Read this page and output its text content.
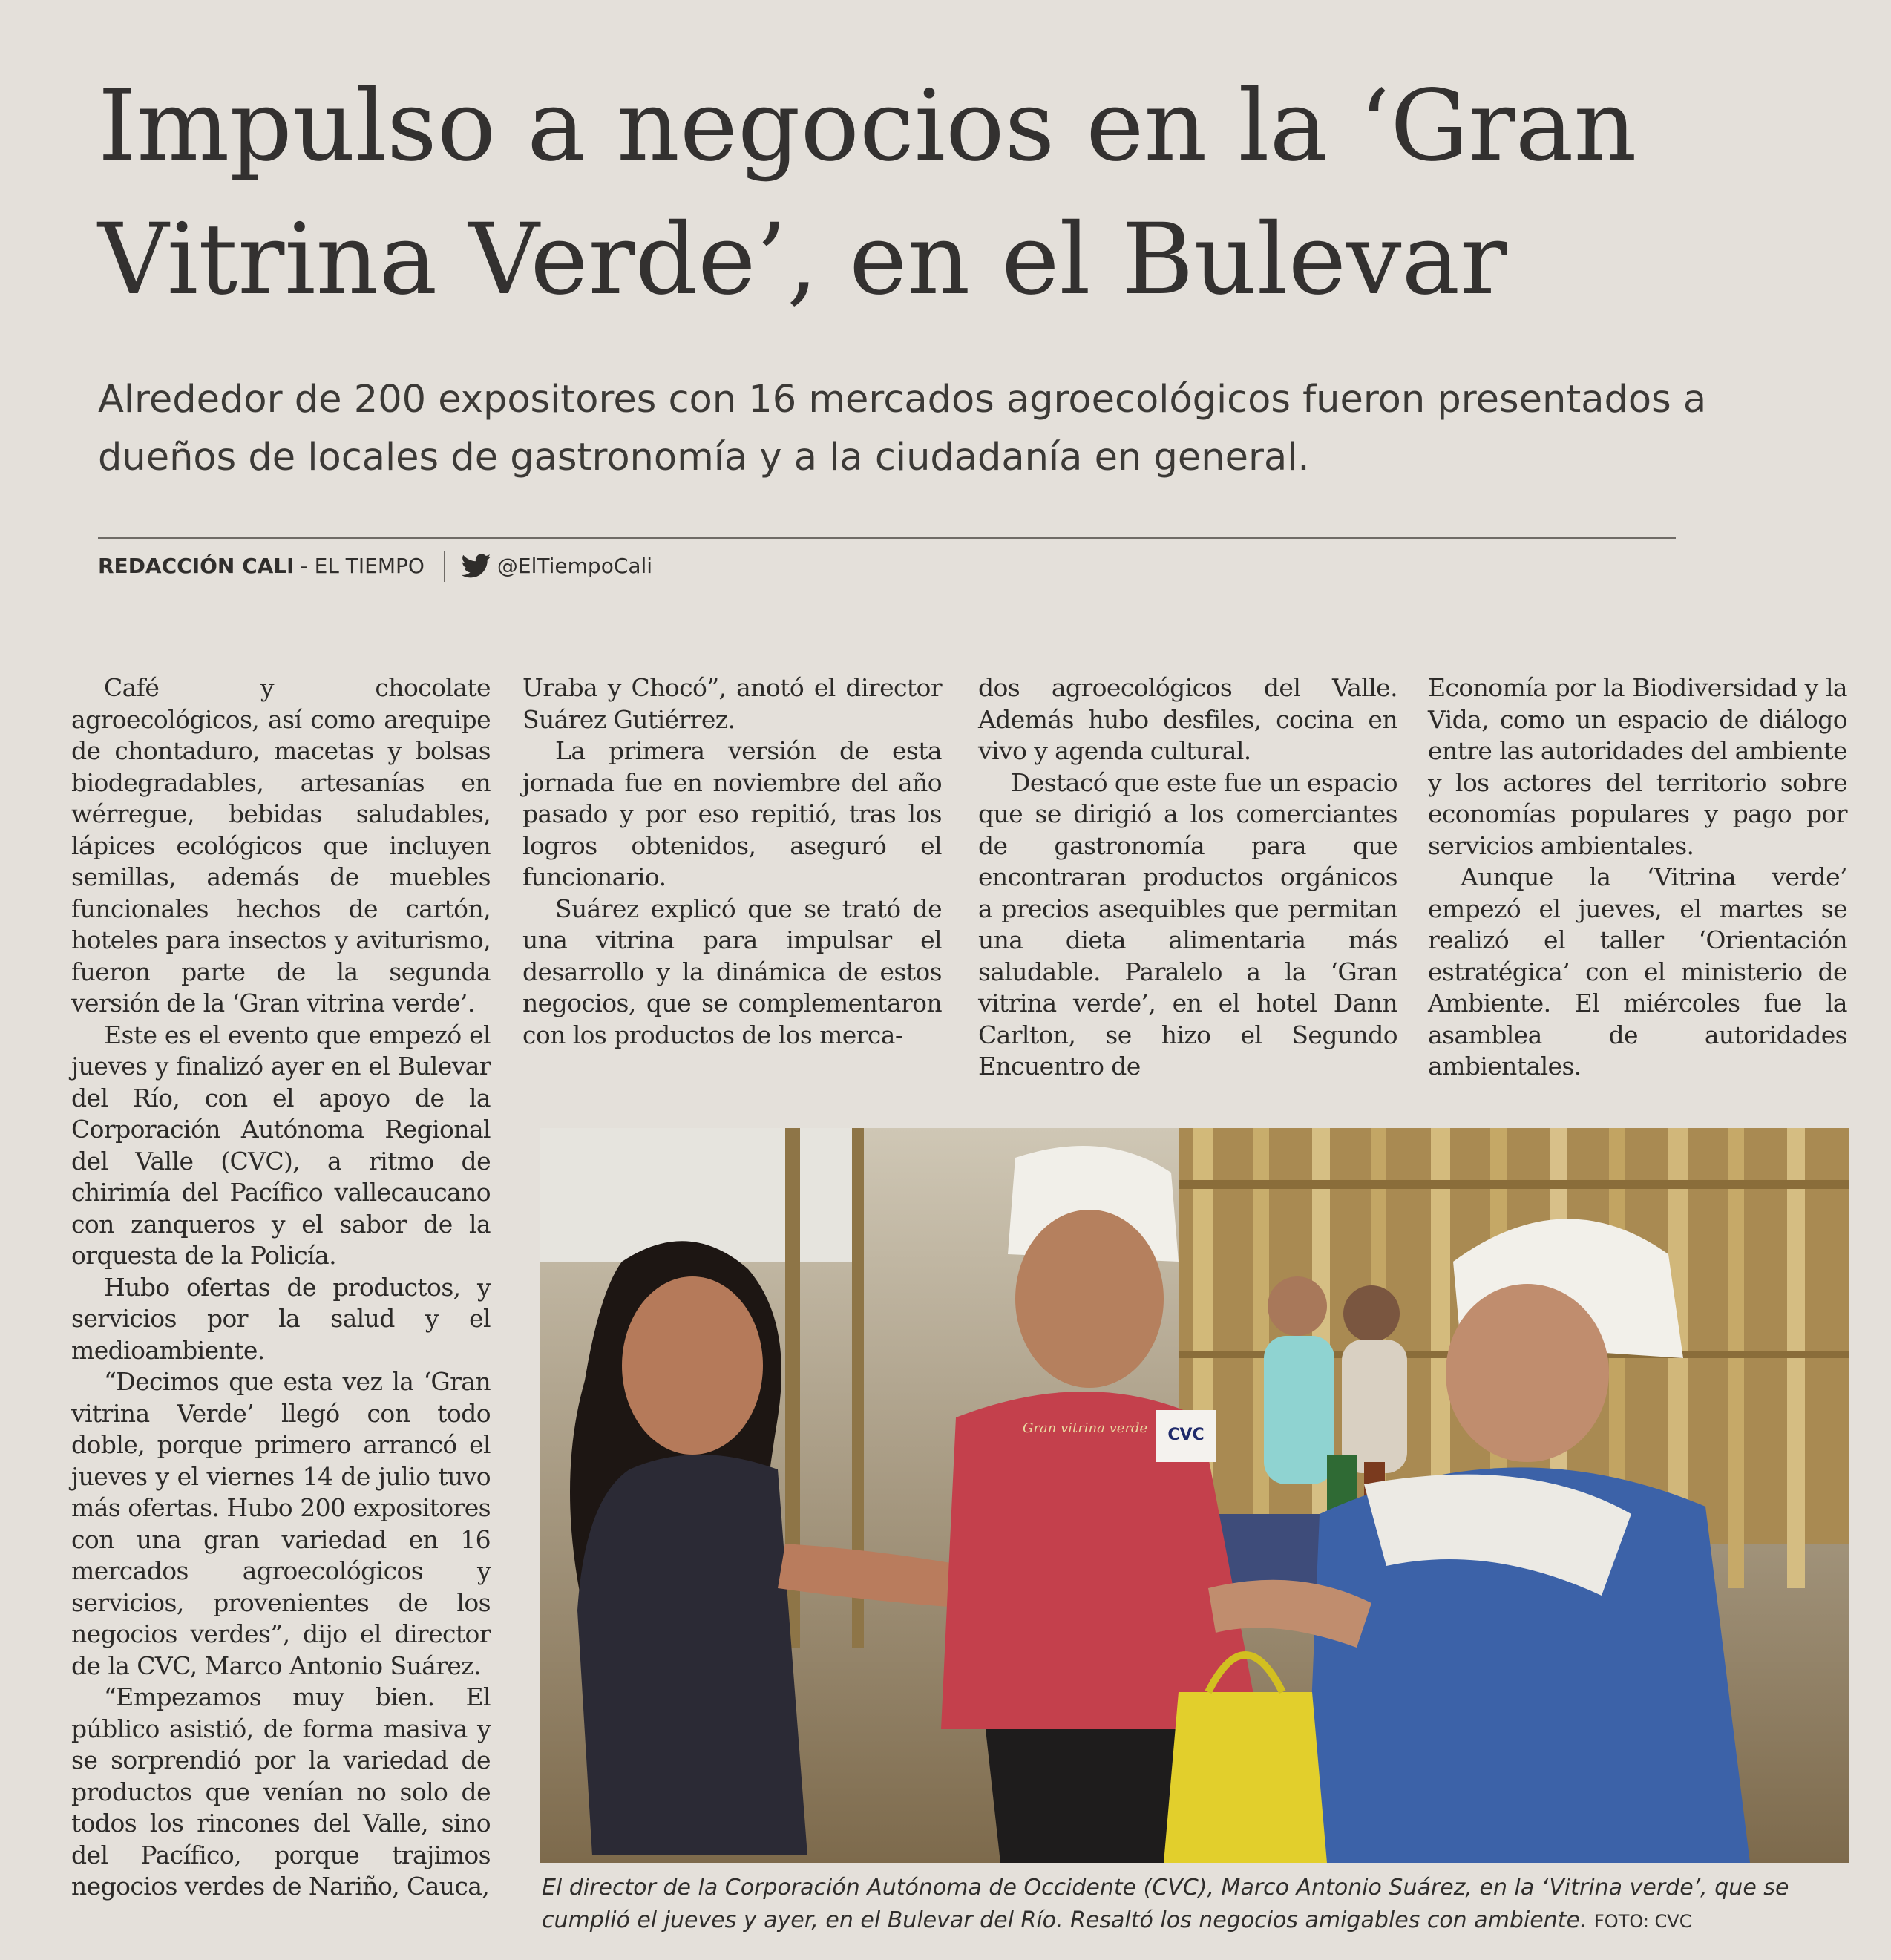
Impulso a negocios en la ‘Gran Vitrina Verde’, en el Bulevar

Alrededor de 200 expositores con 16 mercados agroecológicos fueron presentados a dueños de locales de gastronomía y a la ciudadanía en general.

REDACCIÓN CALI - EL TIEMPO	@ElTiempoCali

Café y chocolate agroecológicos, así como arequipe de chontaduro, macetas y bolsas biodegradables, artesanías en wérregue, bebidas saludables, lápices ecológicos que incluyen semillas, además de muebles funcionales hechos de cartón, hoteles para insectos y aviturismo, fueron parte de la segunda versión de la ‘Gran vitrina verde’.

Este es el evento que empezó el jueves y finalizó ayer en el Bulevar del Río, con el apoyo de la Corporación Autónoma Regional del Valle (CVC), a ritmo de chirimía del Pacífico vallecaucano con zanqueros y el sabor de la orquesta de la Policía.

Hubo ofertas de productos, y servicios por la salud y el medioambiente.

“Decimos que esta vez la ‘Gran vitrina Verde’ llegó con todo doble, porque primero arrancó el jueves y el viernes 14 de julio tuvo más ofertas. Hubo 200 expositores con una gran variedad en 16 mercados agroecológicos y servicios, provenientes de los negocios verdes”, dijo el director de la CVC, Marco Antonio Suárez.

“Empezamos muy bien. El público asistió, de forma masiva y se sorprendió por la variedad de productos que venían no solo de todos los rincones del Valle, sino del Pacífico, porque trajimos negocios verdes de Nariño, Cauca,

Uraba y Chocó”, anotó el director Suárez Gutiérrez.

La primera versión de esta jornada fue en noviembre del año pasado y por eso repitió, tras los logros obtenidos, aseguró el funcionario.

Suárez explicó que se trató de una vitrina para impulsar el desarrollo y la dinámica de estos negocios, que se complementaron con los productos de los merca-

dos agroecológicos del Valle. Además hubo desfiles, cocina en vivo y agenda cultural.

Destacó que este fue un espacio que se dirigió a los comerciantes de gastronomía para que encontraran productos orgánicos a precios asequibles que permitan una dieta alimentaria más saludable. Paralelo a la ‘Gran vitrina verde’, en el hotel Dann Carlton, se hizo el Segundo Encuentro de

Economía por la Biodiversidad y la Vida, como un espacio de diálogo entre las autoridades del ambiente y los actores del territorio sobre economías populares y pago por servicios ambientales.

Aunque la ‘Vitrina verde’ empezó el jueves, el martes se realizó el taller ‘Orientación estratégica’ con el ministerio de Ambiente. El miércoles fue la asamblea de autoridades ambientales.

CVC
Gran vitrina verde
El director de la Corporación Autónoma de Occidente (CVC), Marco Antonio Suárez, en la ‘Vitrina verde’, que se cumplió el jueves y ayer, en el Bulevar del Río. Resaltó los negocios amigables con ambiente. FOTO: CVC
